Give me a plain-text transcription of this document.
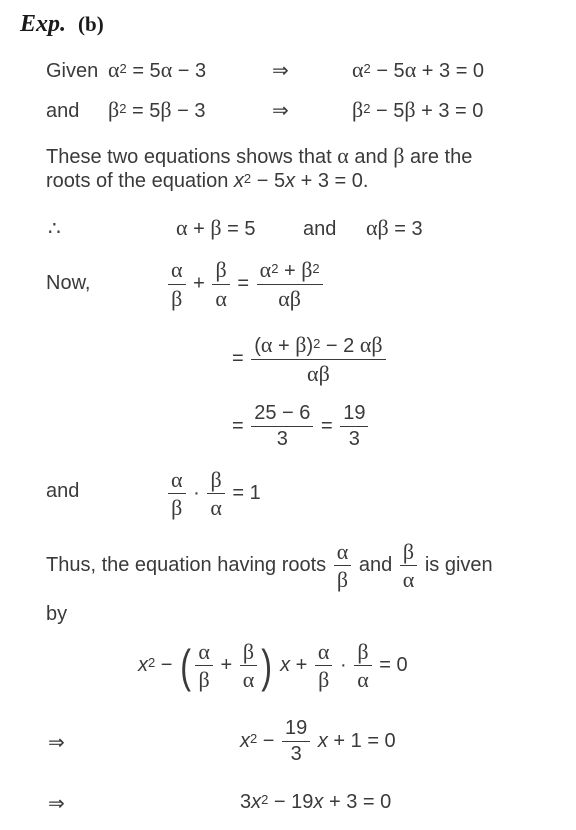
Exp. (b)
Given $\alpha^2 = 5\alpha - 3$	⇒	$\alpha^2 - 5\alpha + 3 = 0$
and $\beta^2 = 5\beta - 3$	⇒	$\beta^2 - 5\beta + 3 = 0$
These two equations shows that α and β are the
roots of the equation $x^2 - 5x + 3 = 0$.
∴	α + β = 5 and αβ = 3
Now,	$\frac{\alpha}{\beta} + \frac{\beta}{\alpha} = \frac{\alpha^2 + \beta^2}{\alpha\beta}$
= $\frac{(\alpha + \beta)^2 - 2 \alpha\beta}{\alpha\beta}$
= $\frac{25 - 6}{3} = \frac{19}{3}$
and	$\frac{\alpha}{\beta} \cdot \frac{\beta}{\alpha} = 1$
Thus, the equation having roots $\frac{\alpha}{\beta}$ and $\frac{\beta}{\alpha}$ is given
by
$x^2$ − ( $\frac{\alpha}{\beta} + \frac{\beta}{\alpha}$ ) $x + \frac{\alpha}{\beta} \cdot \frac{\beta}{\alpha} = 0$
⇒	$x^2 - \frac{19}{3}$ x + 1 = 0
⇒	$3x^2 - 19x + 3 = 0$
